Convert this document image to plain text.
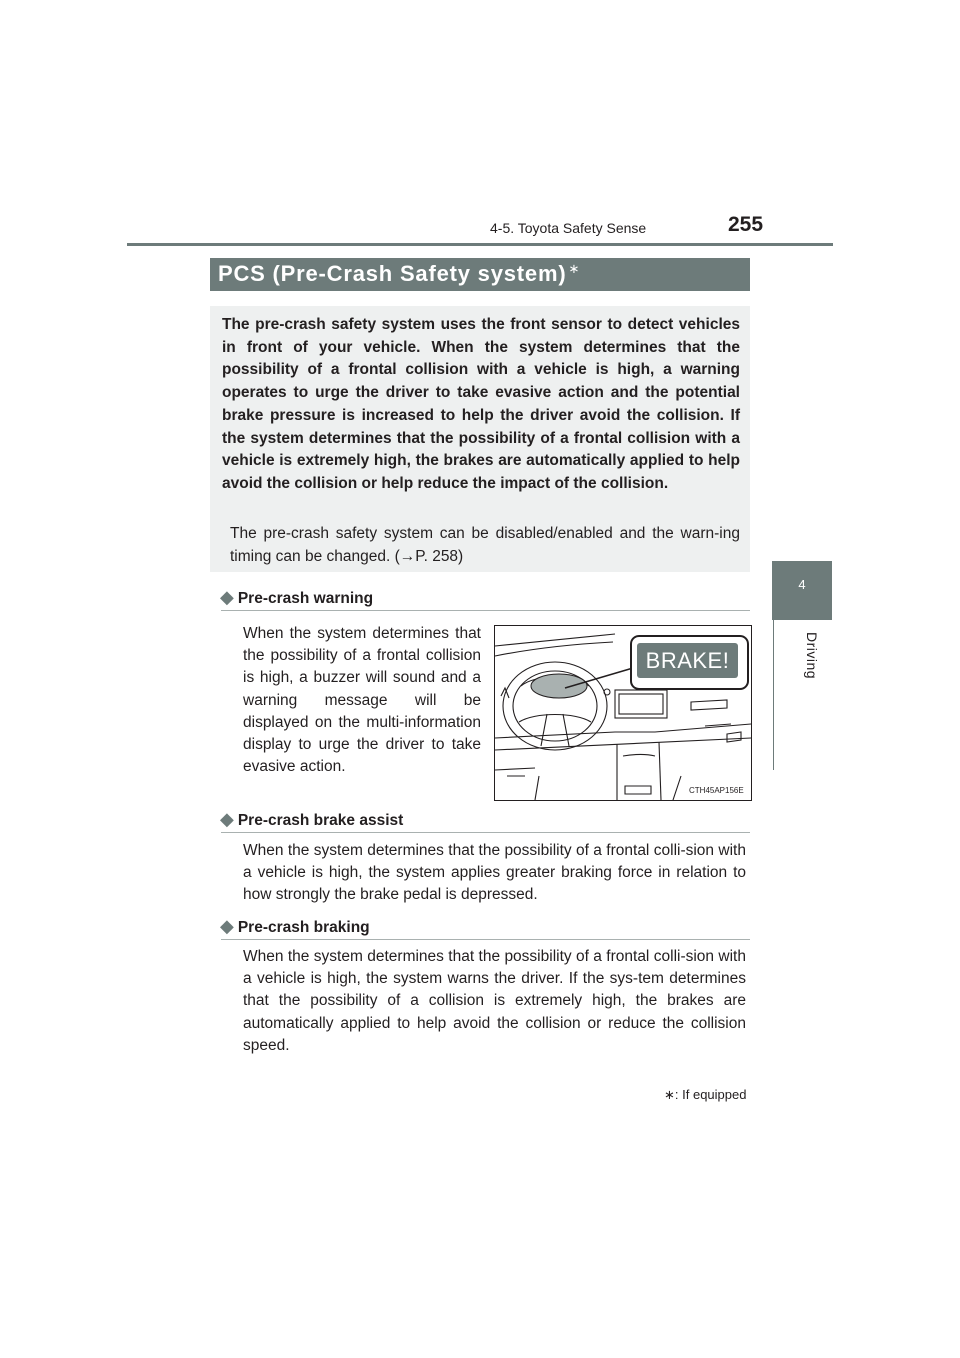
4-5. Toyota Safety Sense	255
4
Driving
PCS (Pre-Crash Safety system) ∗
The pre-crash safety system uses the front sensor to detect vehicles in front of your vehicle. When the system determines that the possibility of a frontal collision with a vehicle is high, a warning operates to urge the driver to take evasive action and the potential brake pressure is increased to help the driver avoid the collision. If the system determines that the possibility of a frontal collision with a vehicle is extremely high, the brakes are automatically applied to help avoid the collision or help reduce the impact of the collision.
The pre-crash safety system can be disabled/enabled and the warn-ing timing can be changed. (→P. 258)
◆ Pre-crash warning
When the system determines that the possibility of a frontal collision is high, a buzzer will sound and a warning message will be displayed on the multi-information display to urge the driver to take evasive action.
BRAKE!
CTH45AP156E
◆ Pre-crash brake assist
When the system determines that the possibility of a frontal colli-sion with a vehicle is high, the system applies greater braking force in relation to how strongly the brake pedal is depressed.
◆ Pre-crash braking
When the system determines that the possibility of a frontal colli-sion with a vehicle is high, the system warns the driver. If the sys-tem determines that the possibility of a collision is extremely high, the brakes are automatically applied to help avoid the collision or reduce the collision speed.
∗: If equipped
